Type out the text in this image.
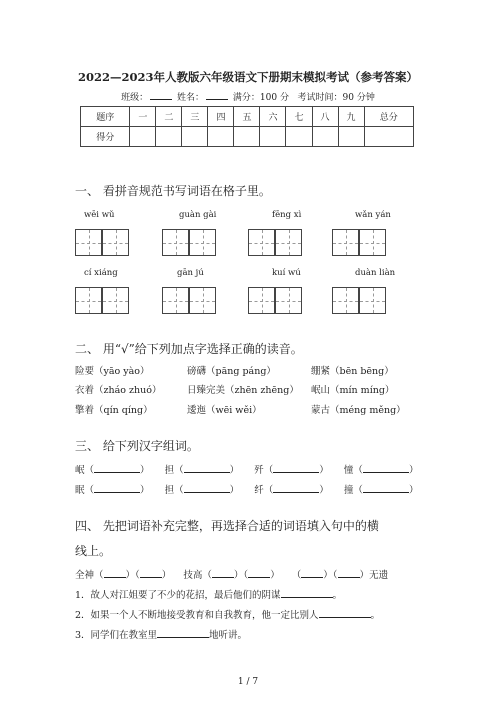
2022—2023年人教版六年级语文下册期末模拟考试（参考答案）
班级：	姓名：	满分：100 分 考试时间：90 分钟
题序	一	二	三	四	五	六	七	八	九	总分
得分										
一、 看拼音规范书写词语在格子里。
wēi wǔ	guàn gài	fēng xì	wǎn yán
cí xiáng	gān jú	kuí wú	duàn liàn
二、 用“√”给下列加点字选择正确的读音。
险要（yāo yào）	磅礴（pāng páng）	绷紧（bēn bēng）
衣着（zháo zhuó）	日臻完美（zhēn zhēng） 岷山（mín míng）
擎着（qín qíng）	逶迤（wēi wěi）	蒙古（méng měng）
三、 给下列汉字组词。
岷（	） 担（	） 歼（	） 憧（	）
眠（	） 担（	） 纤（	） 撞（	）
四、 先把词语补充完整，再选择合适的词语填入句中的横
线上。
全神（ ）（ ）    技高（ ）（ ）    （ ）（ ）无遗
1．故人对江姐要了不少的花招，最后他们的阴谋	。
2．如果一个人不断地接受教育和自我教育，他一定比别人	。
3．同学们在教室里	地听讲。
1 / 7
